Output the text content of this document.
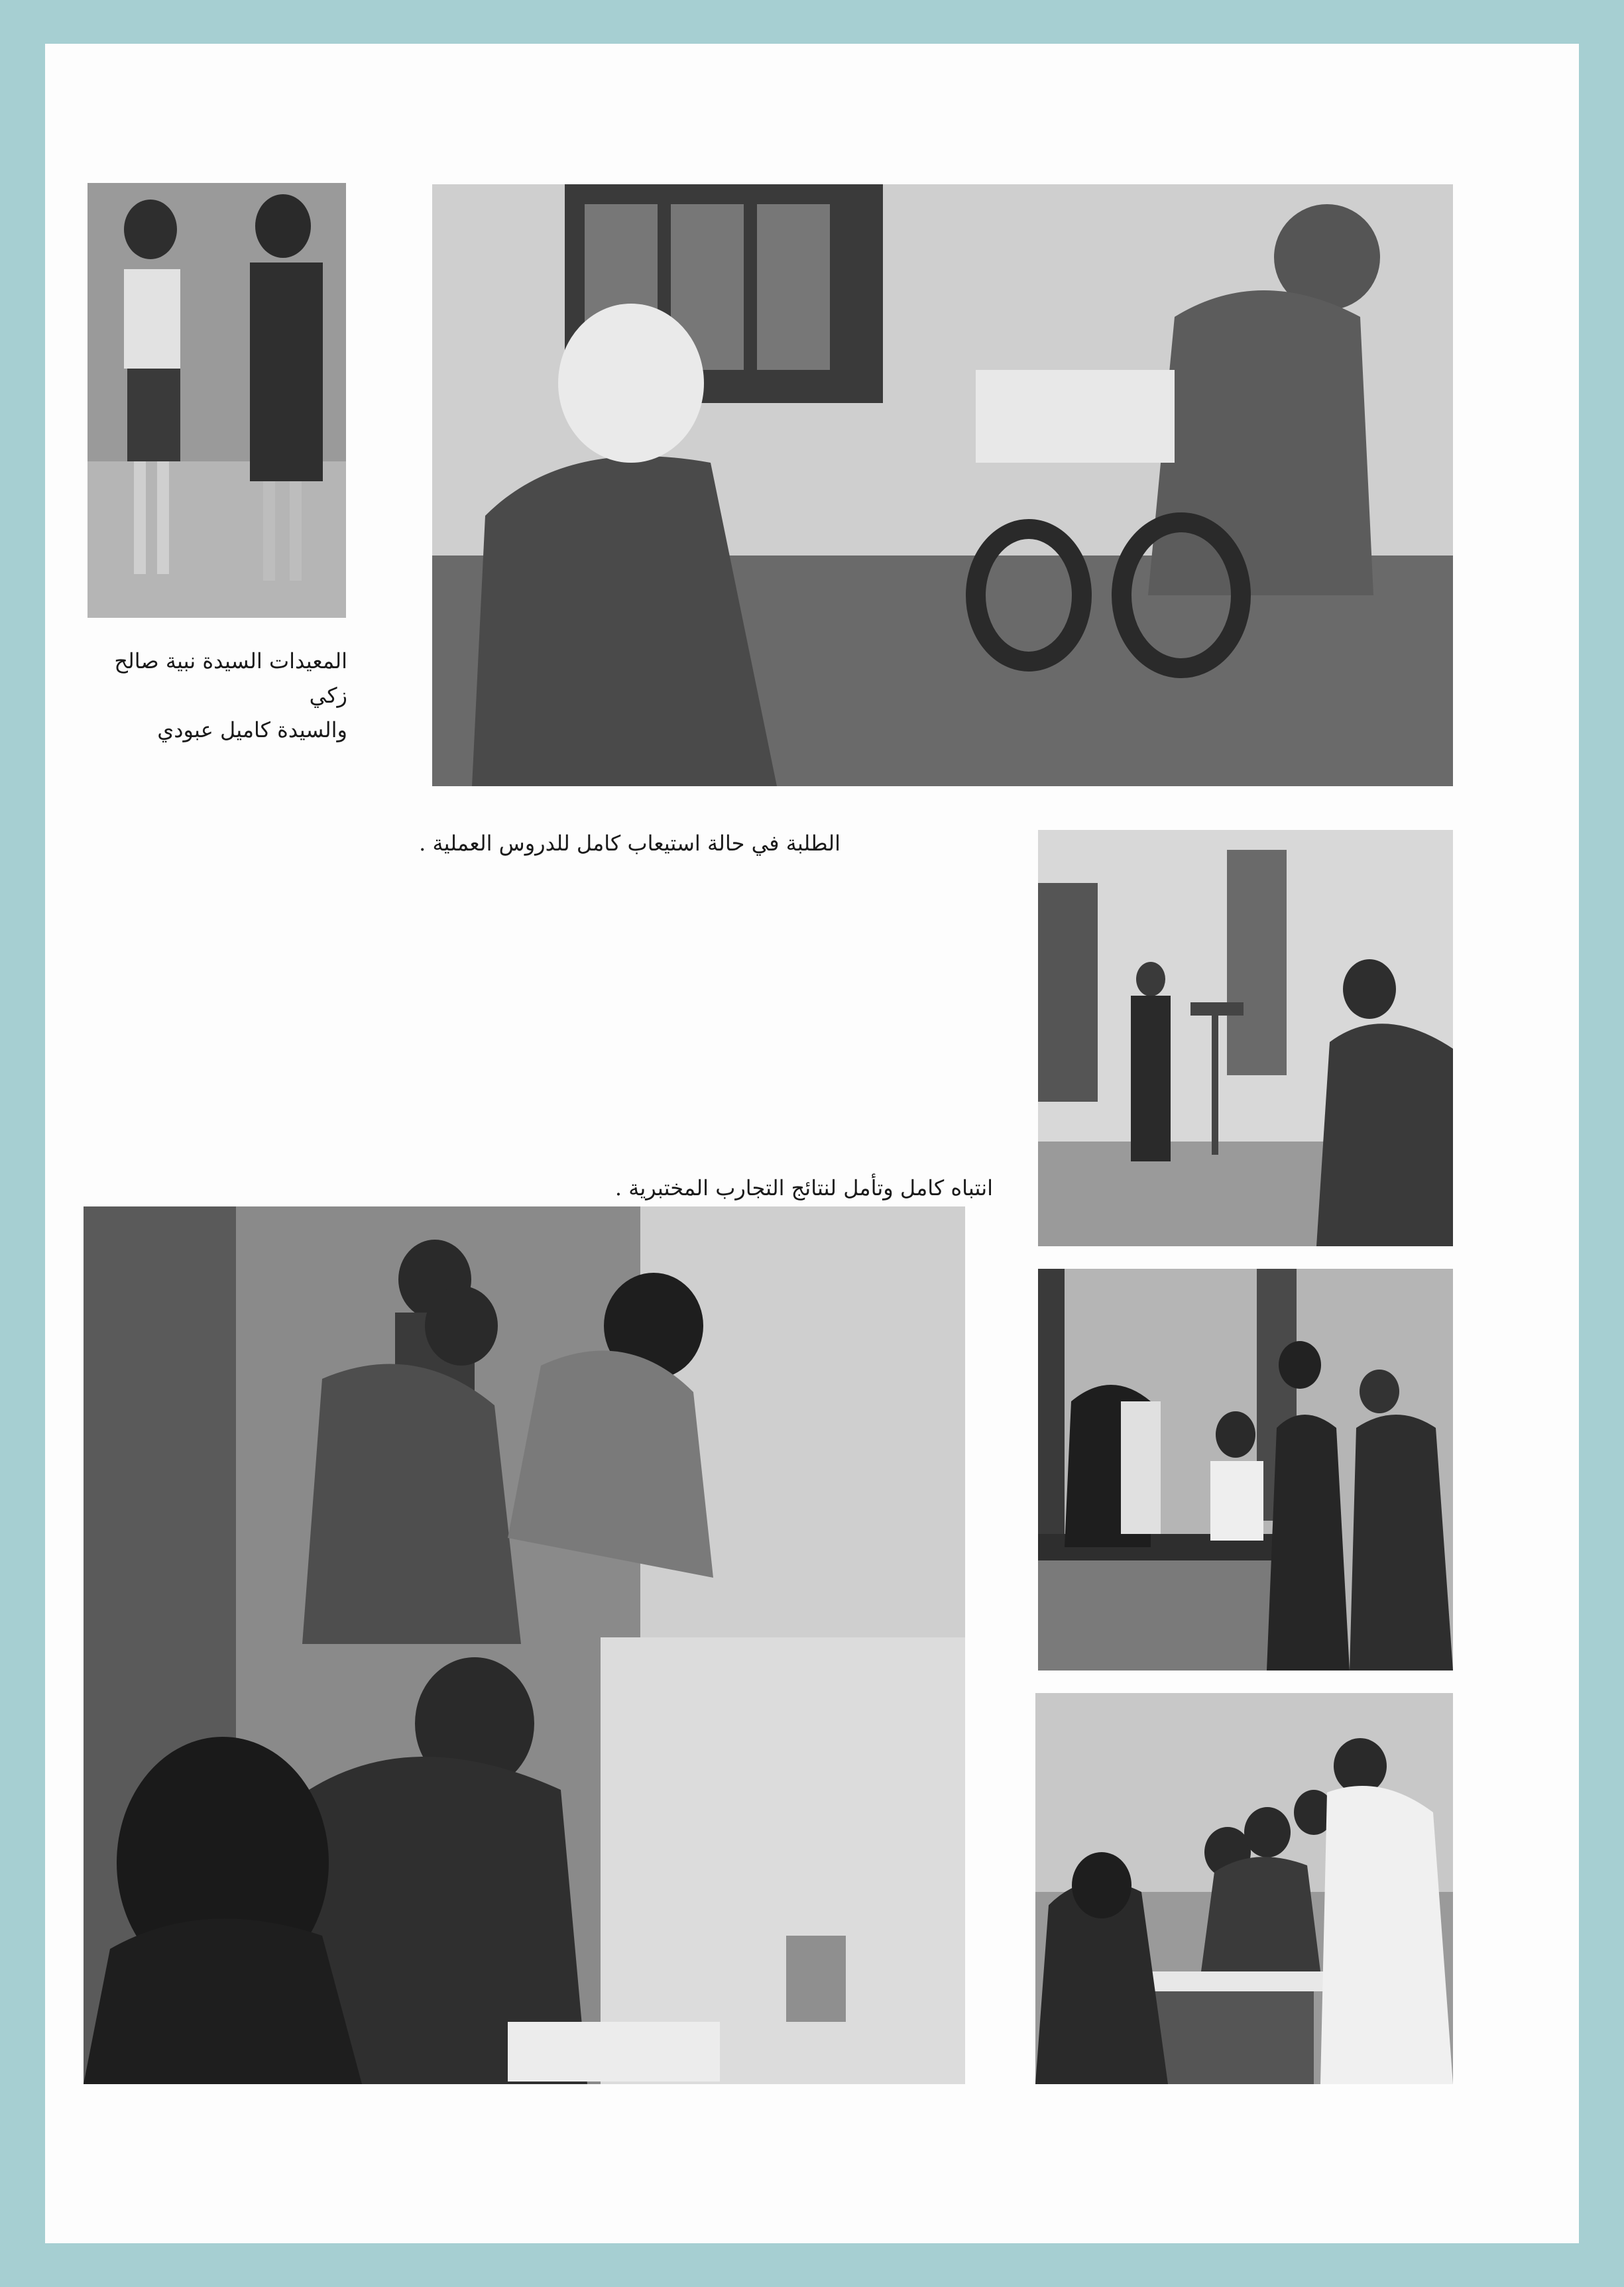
المعيدات السيدة نبية صالح زكي
والسيدة كاميل عبودي
الطلبة في حالة استيعاب كامل للدروس العملية .
انتباه كامل وتأمل لنتائج التجارب المختبرية .
